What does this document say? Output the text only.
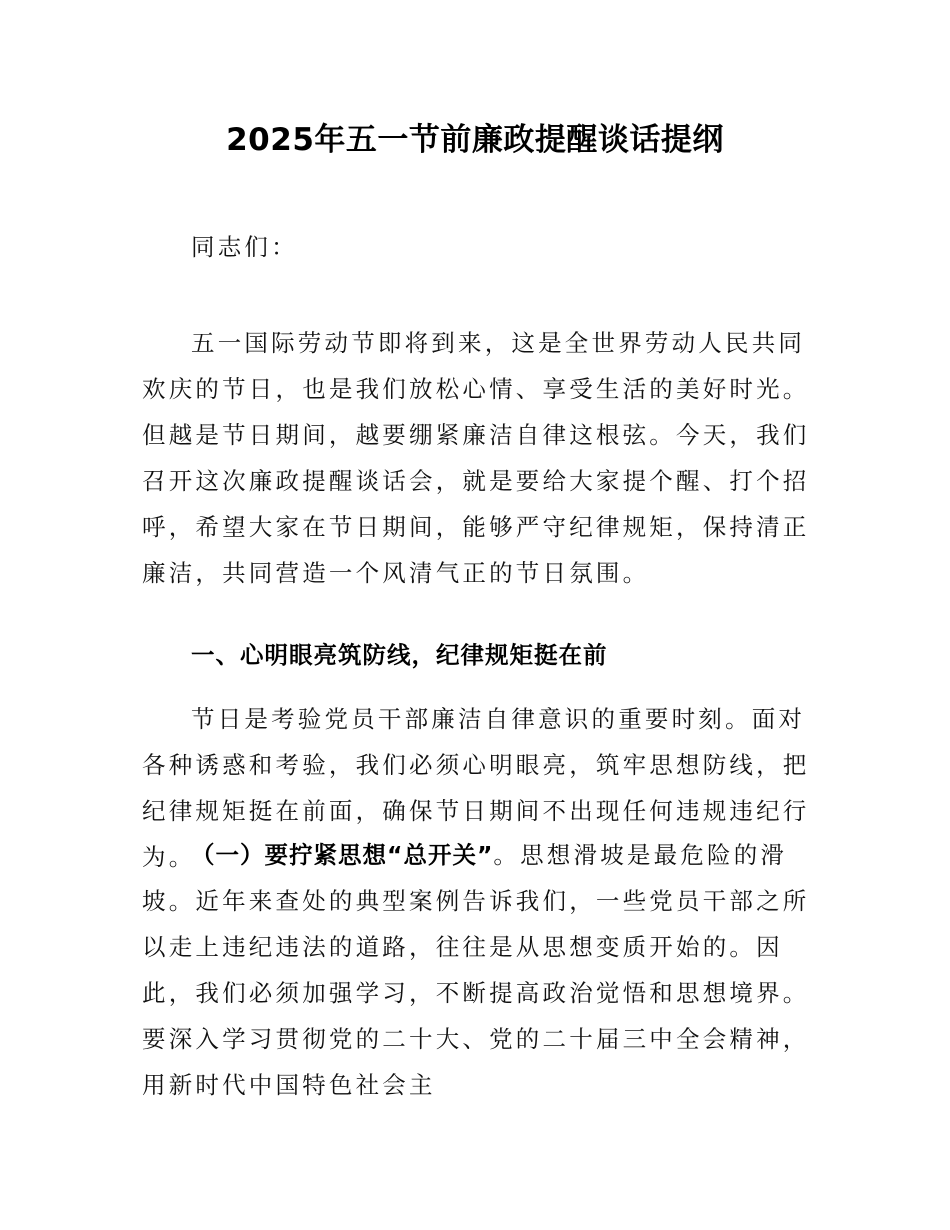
2025年五一节前廉政提醒谈话提纲

同志们：

五一国际劳动节即将到来，这是全世界劳动人民共同欢庆的节日，也是我们放松心情、享受生活的美好时光。但越是节日期间，越要绷紧廉洁自律这根弦。今天，我们召开这次廉政提醒谈话会，就是要给大家提个醒、打个招呼，希望大家在节日期间，能够严守纪律规矩，保持清正廉洁，共同营造一个风清气正的节日氛围。

一、心明眼亮筑防线，纪律规矩挺在前

节日是考验党员干部廉洁自律意识的重要时刻。面对各种诱惑和考验，我们必须心明眼亮，筑牢思想防线，把纪律规矩挺在前面，确保节日期间不出现任何违规违纪行为。

（一）要拧紧思想“总开关”。思想滑坡是最危险的滑坡。近年来查处的典型案例告诉我们，一些党员干部之所以走上违纪违法的道路，往往是从思想变质开始的。因此，我们必须加强学习，不断提高政治觉悟和思想境界。要深入学习贯彻党的二十大、党的二十届三中全会精神，用新时代中国特色社会主
